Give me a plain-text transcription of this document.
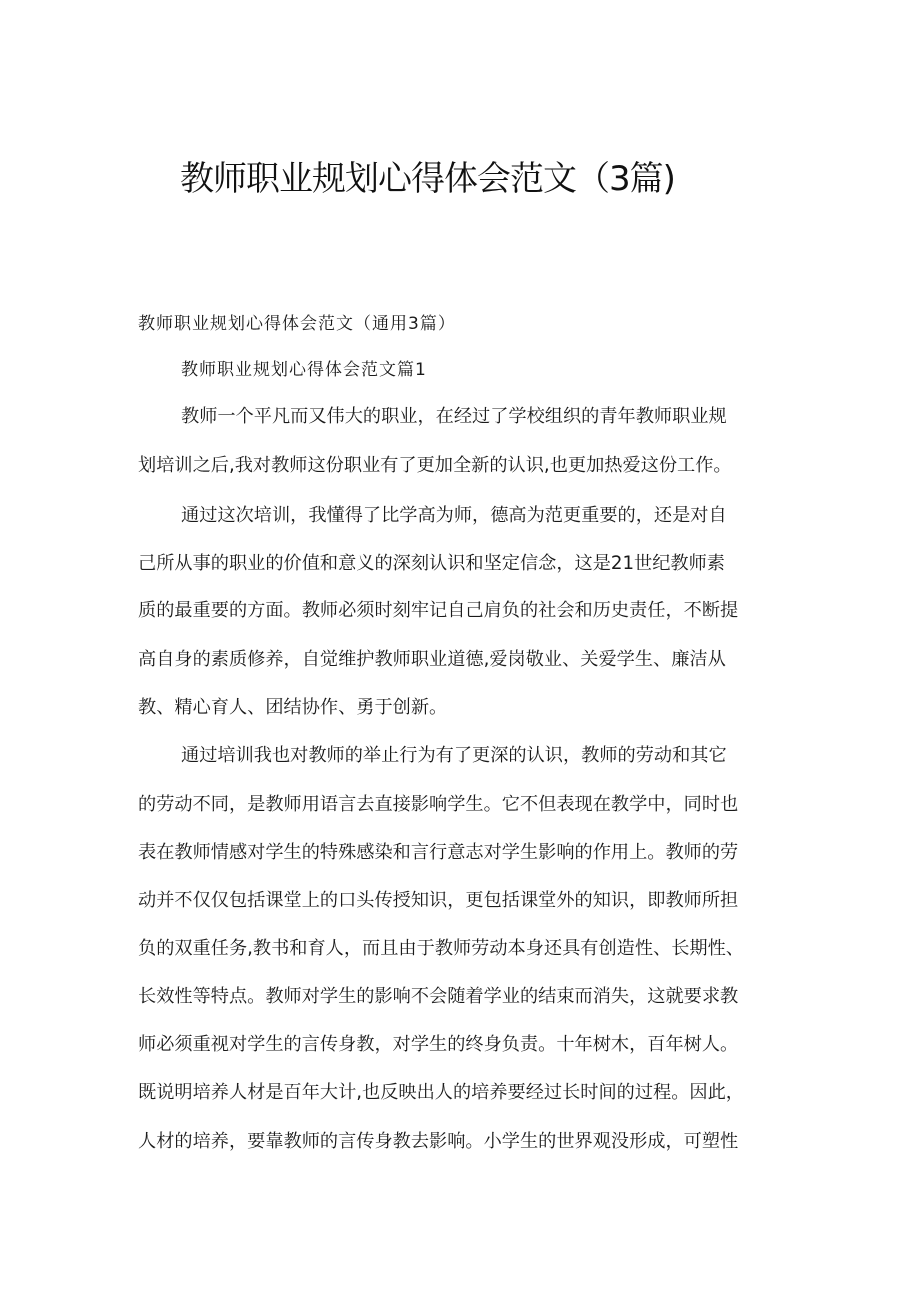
教师职业规划心得体会范文（3篇)

教师职业规划心得体会范文（通用3篇）

教师职业规划心得体会范文篇1

教师一个平凡而又伟大的职业，在经过了学校组织的青年教师职业规

划培训之后,我对教师这份职业有了更加全新的认识,也更加热爱这份工作。

通过这次培训，我懂得了比学高为师，德高为范更重要的，还是对自

己所从事的职业的价值和意义的深刻认识和坚定信念，这是21世纪教师素

质的最重要的方面。教师必须时刻牢记自己肩负的社会和历史责任，不断提

高自身的素质修养，自觉维护教师职业道德,爱岗敬业、关爱学生、廉洁从

教、精心育人、团结协作、勇于创新。

通过培训我也对教师的举止行为有了更深的认识，教师的劳动和其它

的劳动不同，是教师用语言去直接影响学生。它不但表现在教学中，同时也

表在教师情感对学生的特殊感染和言行意志对学生影响的作用上。教师的劳

动并不仅仅包括课堂上的口头传授知识，更包括课堂外的知识，即教师所担

负的双重任务,教书和育人，而且由于教师劳动本身还具有创造性、长期性、

长效性等特点。教师对学生的影响不会随着学业的结束而消失，这就要求教

师必须重视对学生的言传身教，对学生的终身负责。十年树木，百年树人。

既说明培养人材是百年大计,也反映出人的培养要经过长时间的过程。因此，

人材的培养，要靠教师的言传身教去影响。小学生的世界观没形成，可塑性
